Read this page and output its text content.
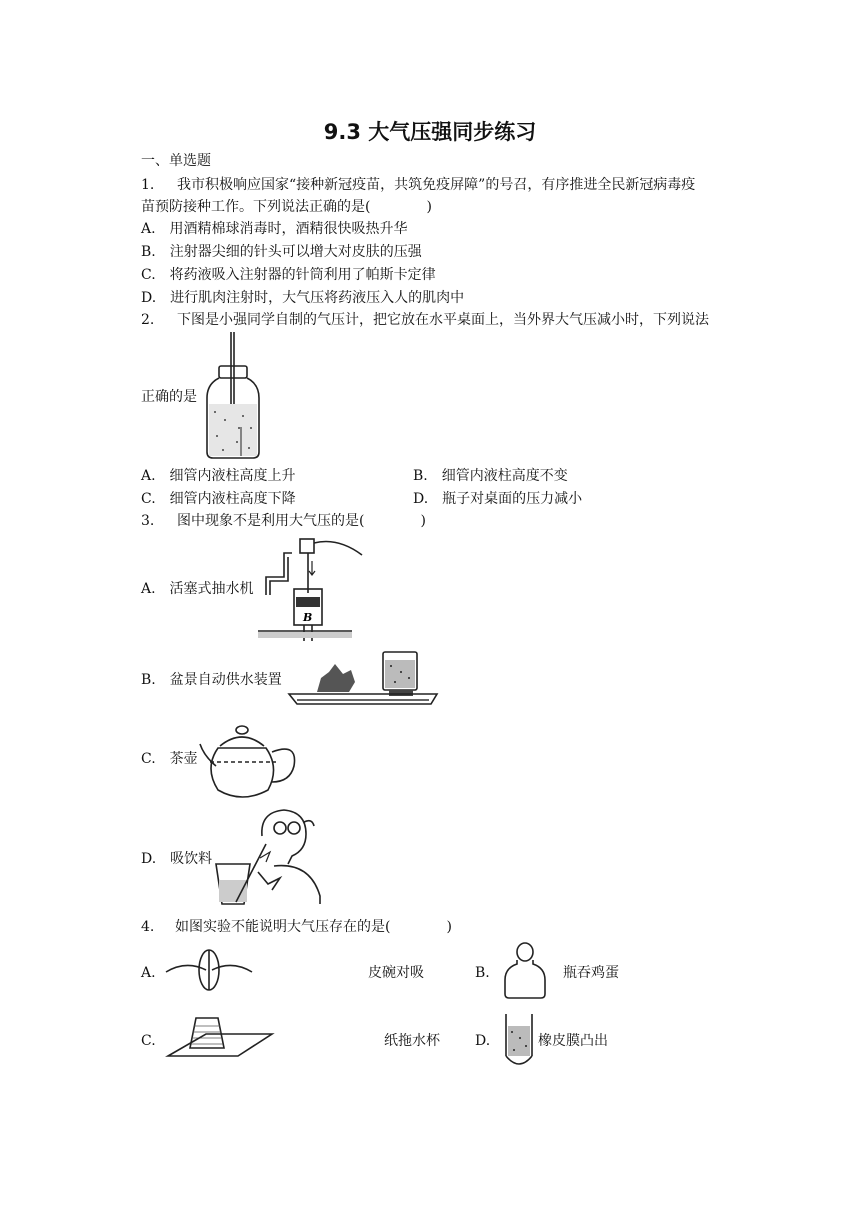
9.3 大气压强同步练习
一、单选题
1. 我市积极响应国家“接种新冠疫苗，共筑免疫屏障”的号召，有序推进全民新冠病毒疫
苗预防接种工作。下列说法正确的是(　　　　)
A.　用酒精棉球消毒时，酒精很快吸热升华
B.　注射器尖细的针头可以增大对皮肤的压强
C.　将药液吸入注射器的针筒利用了帕斯卡定律
D.　进行肌肉注射时，大气压将药液压入人的肌肉中
2. 下图是小强同学自制的气压计，把它放在水平桌面上，当外界大气压减小时，下列说法
正确的是
A.　细管内液柱高度上升	B.　细管内液柱高度不变
C.　细管内液柱高度下降	D.　瓶子对桌面的压力减小
3. 图中现象不是利用大气压的是(　　　　)
A.　活塞式抽水机
B
B.　盆景自动供水装置
C.　茶壶
D.　吸饮料
4. 如图实验不能说明大气压存在的是(　　　　)
A.	皮碗对吸	B.	瓶吞鸡蛋
C.	纸拖水杯	D.	橡皮膜凸出
